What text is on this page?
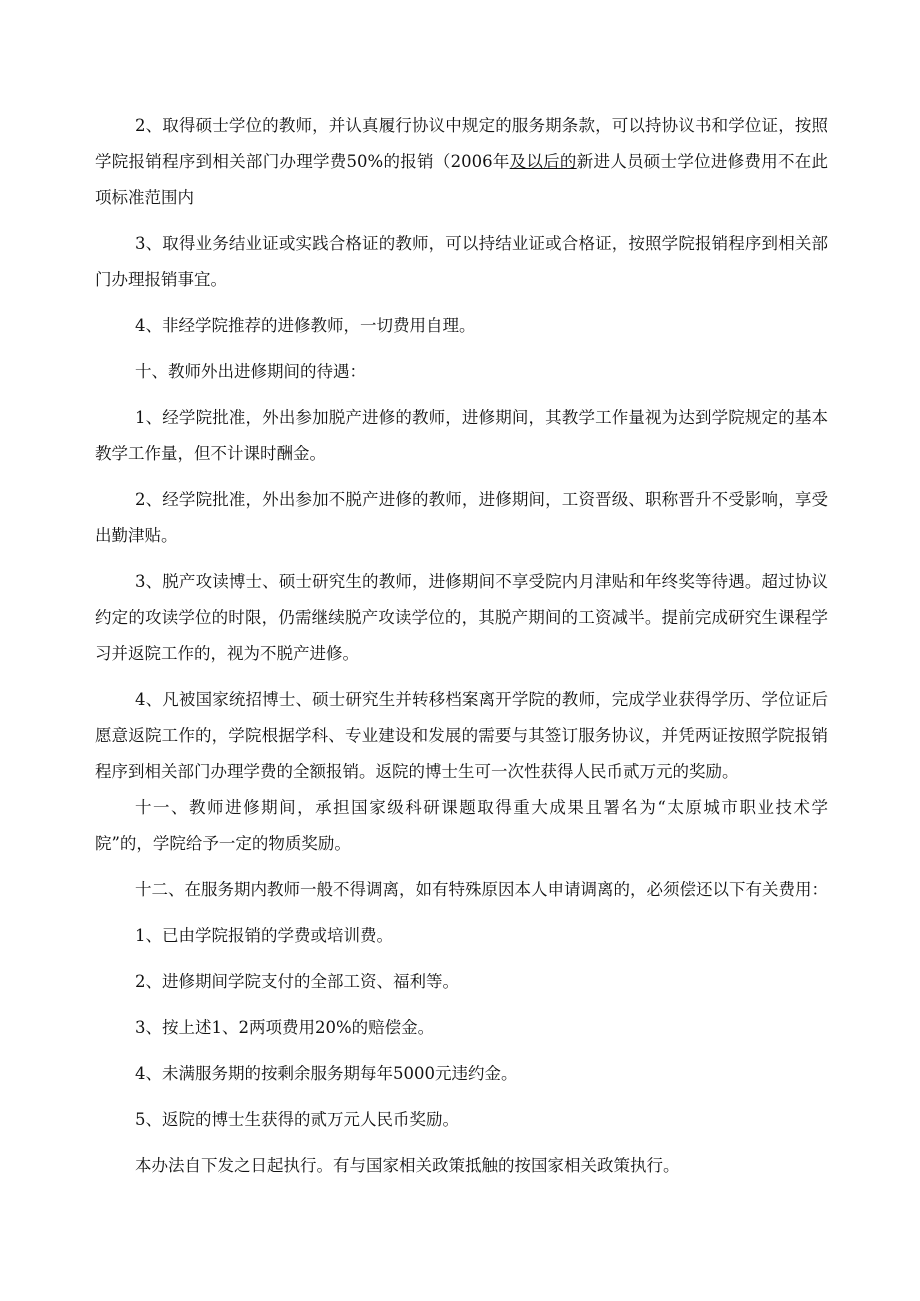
2、取得硕士学位的教师，并认真履行协议中规定的服务期条款，可以持协议书和学位证，按照学院报销程序到相关部门办理学费50%的报销（2006年及以后的新进人员硕士学位进修费用不在此项标准范围内

3、取得业务结业证或实践合格证的教师，可以持结业证或合格证，按照学院报销程序到相关部门办理报销事宜。

4、非经学院推荐的进修教师，一切费用自理。

十、教师外出进修期间的待遇：

1、经学院批准，外出参加脱产进修的教师，进修期间，其教学工作量视为达到学院规定的基本教学工作量，但不计课时酬金。

2、经学院批准，外出参加不脱产进修的教师，进修期间，工资晋级、职称晋升不受影响，享受出勤津贴。

3、脱产攻读博士、硕士研究生的教师，进修期间不享受院内月津贴和年终奖等待遇。超过协议约定的攻读学位的时限，仍需继续脱产攻读学位的，其脱产期间的工资减半。提前完成研究生课程学习并返院工作的，视为不脱产进修。

4、凡被国家统招博士、硕士研究生并转移档案离开学院的教师，完成学业获得学历、学位证后愿意返院工作的，学院根据学科、专业建设和发展的需要与其签订服务协议，并凭两证按照学院报销程序到相关部门办理学费的全额报销。返院的博士生可一次性获得人民币贰万元的奖励。

十一、教师进修期间，承担国家级科研课题取得重大成果且署名为“太原城市职业技术学院”的，学院给予一定的物质奖励。

十二、在服务期内教师一般不得调离，如有特殊原因本人申请调离的，必须偿还以下有关费用：

1、已由学院报销的学费或培训费。

2、进修期间学院支付的全部工资、福利等。

3、按上述1、2两项费用20%的赔偿金。

4、未满服务期的按剩余服务期每年5000元违约金。

5、返院的博士生获得的贰万元人民币奖励。

本办法自下发之日起执行。有与国家相关政策抵触的按国家相关政策执行。
